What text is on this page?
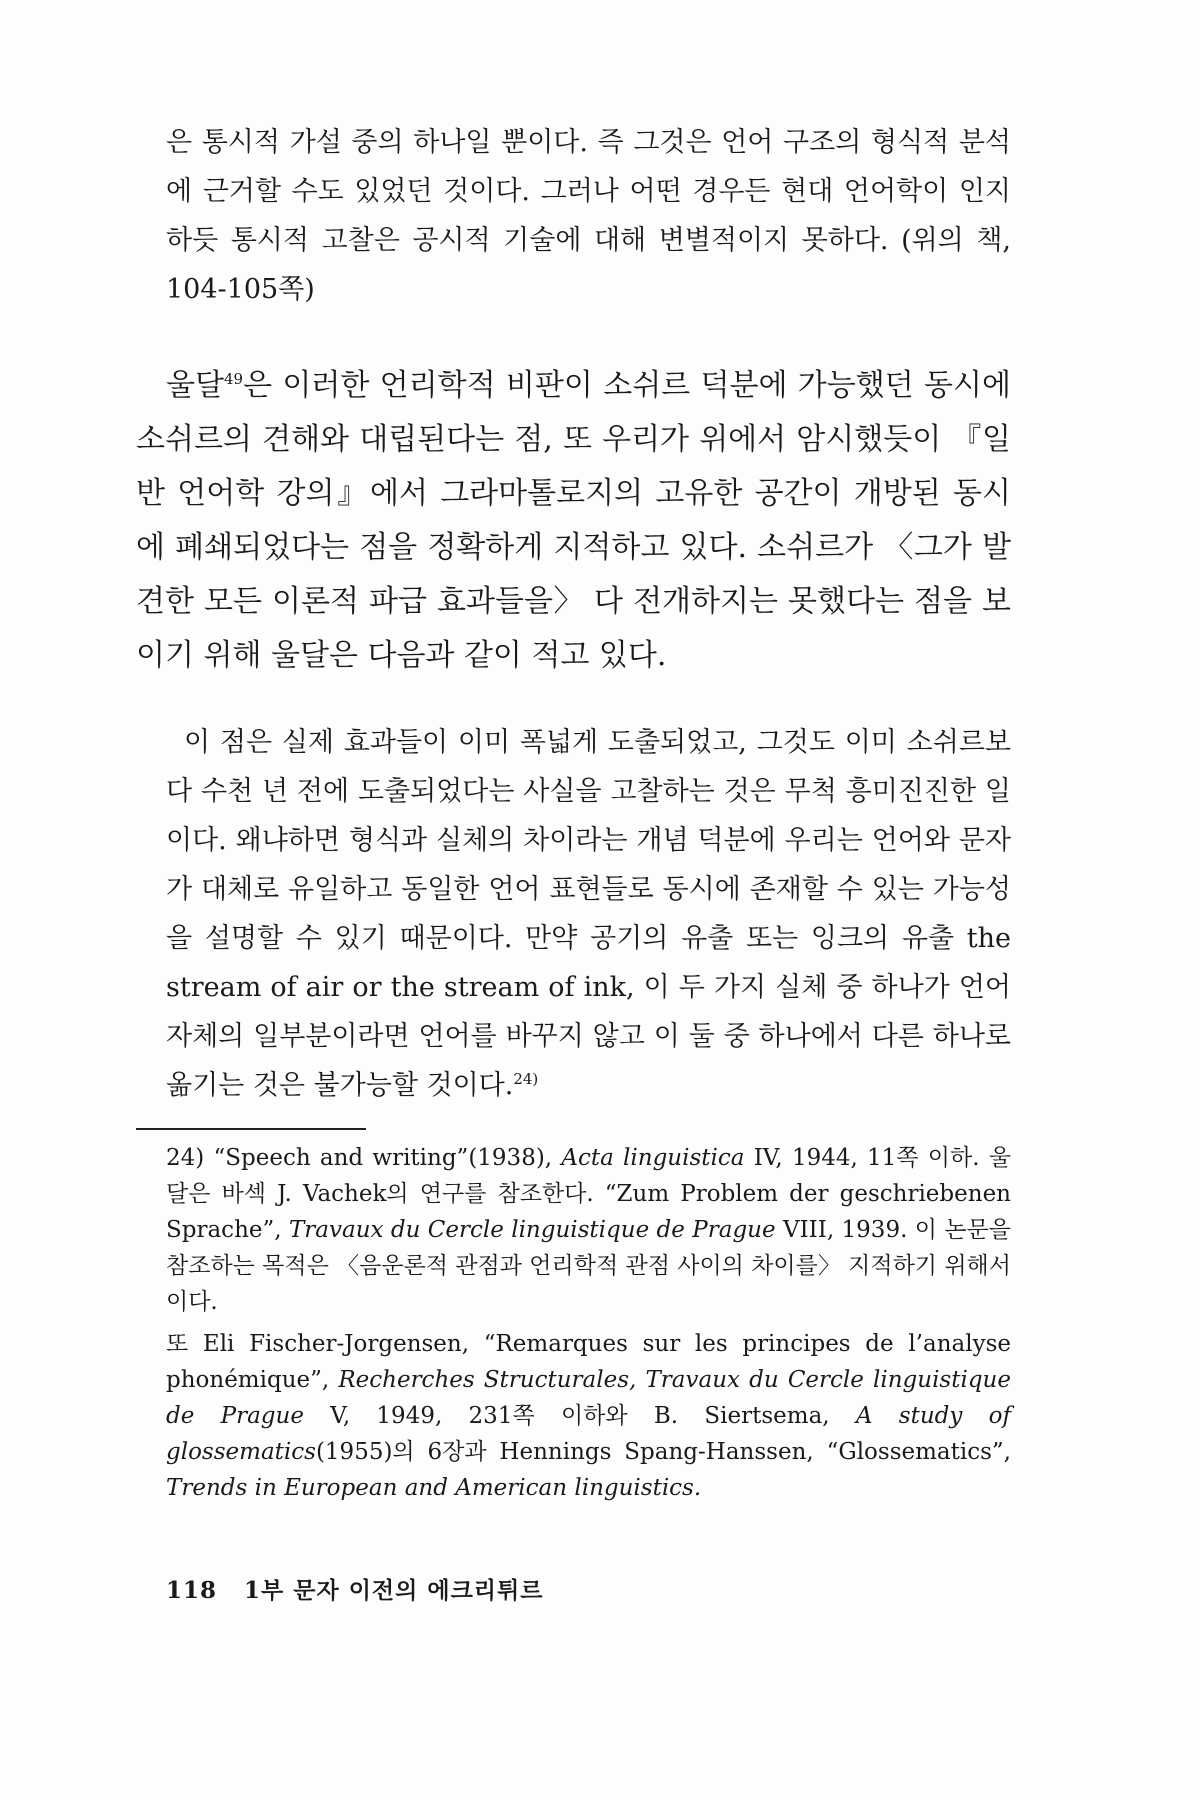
은 통시적 가설 중의 하나일 뿐이다. 즉 그것은 언어 구조의 형식적 분석에 근거할 수도 있었던 것이다. 그러나 어떤 경우든 현대 언어학이 인지하듯 통시적 고찰은 공시적 기술에 대해 변별적이지 못하다. (위의 책, 104-105쪽)

울달$^{49}$은 이러한 언리학적 비판이 소쉬르 덕분에 가능했던 동시에 소쉬르의 견해와 대립된다는 점, 또 우리가 위에서 암시했듯이 『일반 언어학 강의』에서 그라마톨로지의 고유한 공간이 개방된 동시에 폐쇄되었다는 점을 정확하게 지적하고 있다. 소쉬르가 〈그가 발견한 모든 이론적 파급 효과들을〉 다 전개하지는 못했다는 점을 보이기 위해 울달은 다음과 같이 적고 있다.

이 점은 실제 효과들이 이미 폭넓게 도출되었고, 그것도 이미 소쉬르보다 수천 년 전에 도출되었다는 사실을 고찰하는 것은 무척 흥미진진한 일이다. 왜냐하면 형식과 실체의 차이라는 개념 덕분에 우리는 언어와 문자가 대체로 유일하고 동일한 언어 표현들로 동시에 존재할 수 있는 가능성을 설명할 수 있기 때문이다. 만약 공기의 유출 또는 잉크의 유출 the stream of air or the stream of ink, 이 두 가지 실체 중 하나가 언어 자체의 일부분이라면 언어를 바꾸지 않고 이 둘 중 하나에서 다른 하나로 옮기는 것은 불가능할 것이다.$^{24)}$

24) “Speech and writing”(1938), Acta linguistica IV, 1944, 11쪽 이하. 울달은 바섹 J. Vachek의 연구를 참조한다. “Zum Problem der geschriebenen Sprache”, Travaux du Cercle linguistique de Prague VIII, 1939. 이 논문을 참조하는 목적은 〈음운론적 관점과 언리학적 관점 사이의 차이를〉 지적하기 위해서이다.

또 Eli Fischer-Jorgensen, “Remarques sur les principes de l’analyse phonémique”, Recherches Structurales, Travaux du Cercle linguistique de Prague V, 1949, 231쪽 이하와 B. Siertsema, A study of glossematics(1955)의 6장과 Hennings Spang-Hanssen, “Glossematics”, Trends in European and American linguistics.

118 1부 문자 이전의 에크리튀르
